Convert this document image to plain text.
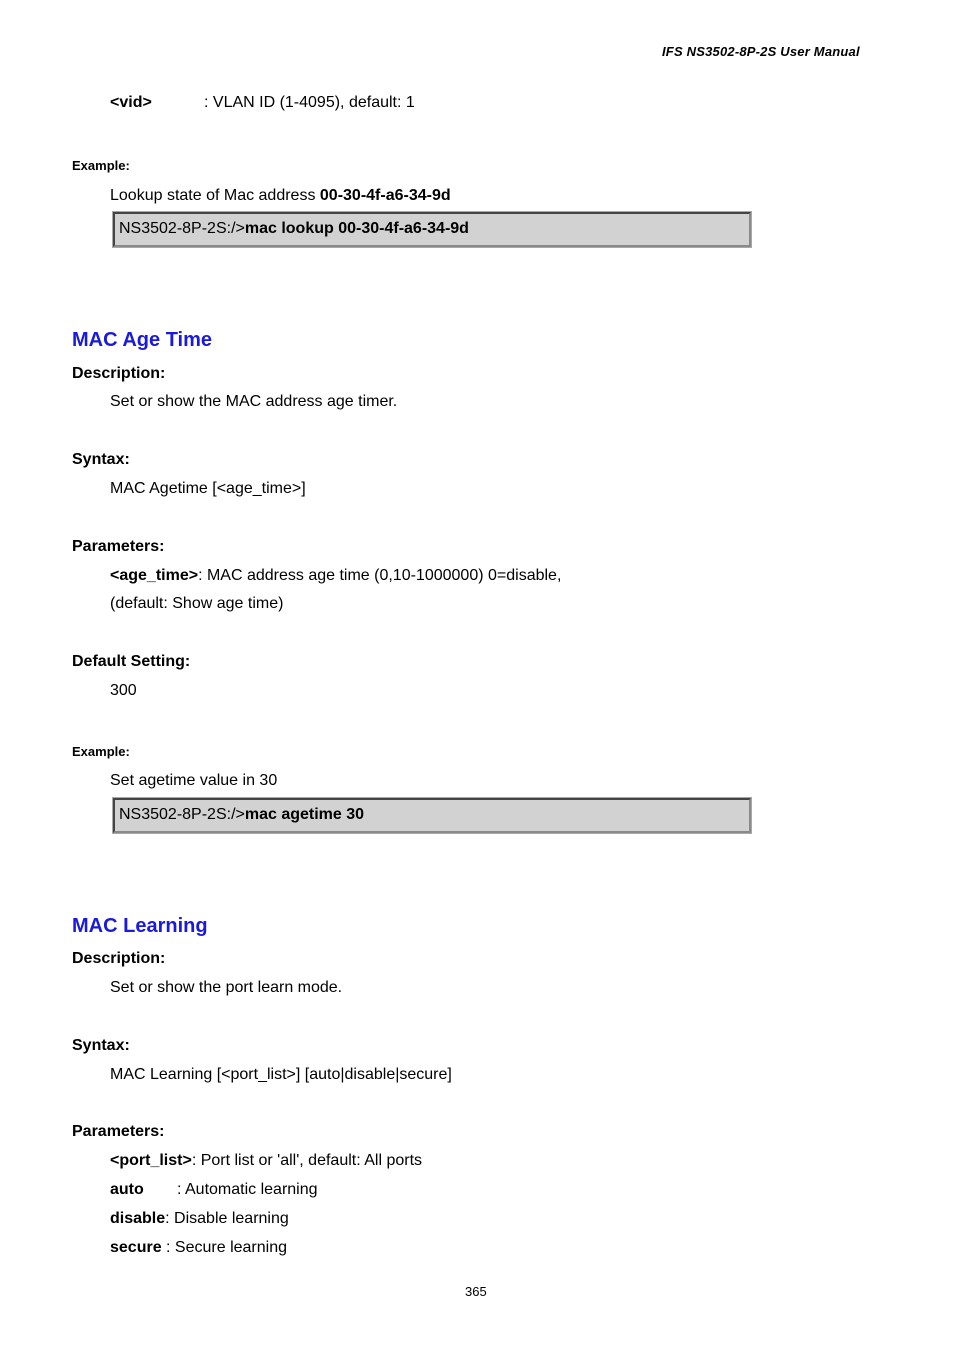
IFS NS3502-8P-2S User Manual
<vid>	: VLAN ID (1-4095), default: 1
Example:
Lookup state of Mac address 00-30-4f-a6-34-9d
NS3502-8P-2S:/>mac lookup 00-30-4f-a6-34-9d
MAC Age Time
Description:
Set or show the MAC address age timer.
Syntax:
MAC Agetime [<age_time>]
Parameters:
<age_time>: MAC address age time (0,10-1000000) 0=disable,
(default: Show age time)
Default Setting:
300
Example:
Set agetime value in 30
NS3502-8P-2S:/>mac agetime 30
MAC Learning
Description:
Set or show the port learn mode.
Syntax:
MAC Learning [<port_list>] [auto|disable|secure]
Parameters:
<port_list>: Port list or 'all', default: All ports
auto : Automatic learning
disable: Disable learning
secure : Secure learning
365
